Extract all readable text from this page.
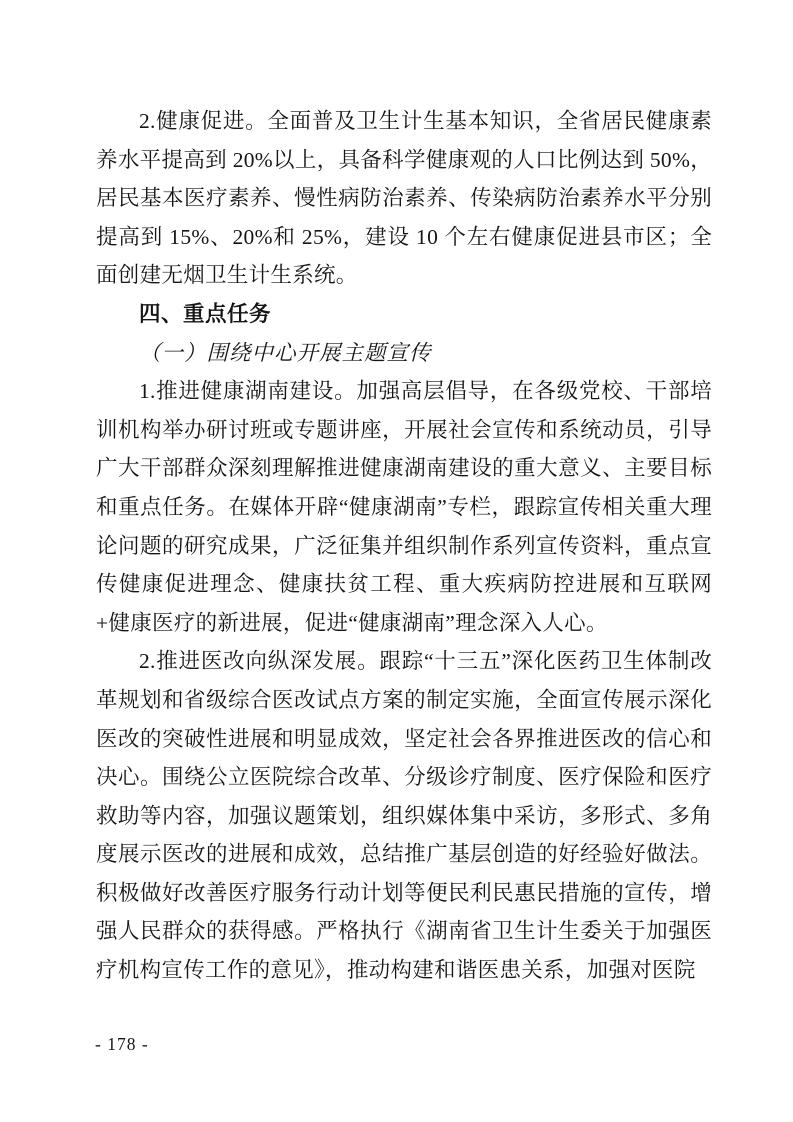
2.健康促进。全面普及卫生计生基本知识，全省居民健康素养水平提高到 20%以上，具备科学健康观的人口比例达到 50%，居民基本医疗素养、慢性病防治素养、传染病防治素养水平分别提高到 15%、20%和 25%，建设 10 个左右健康促进县市区；全面创建无烟卫生计生系统。

四、重点任务
（一）围绕中心开展主题宣传

1.推进健康湖南建设。加强高层倡导，在各级党校、干部培训机构举办研讨班或专题讲座，开展社会宣传和系统动员，引导广大干部群众深刻理解推进健康湖南建设的重大意义、主要目标和重点任务。在媒体开辟“健康湖南”专栏，跟踪宣传相关重大理论问题的研究成果，广泛征集并组织制作系列宣传资料，重点宣传健康促进理念、健康扶贫工程、重大疾病防控进展和互联网+健康医疗的新进展，促进“健康湖南”理念深入人心。

2.推进医改向纵深发展。跟踪“十三五”深化医药卫生体制改革规划和省级综合医改试点方案的制定实施，全面宣传展示深化医改的突破性进展和明显成效，坚定社会各界推进医改的信心和决心。围绕公立医院综合改革、分级诊疗制度、医疗保险和医疗救助等内容，加强议题策划，组织媒体集中采访，多形式、多角度展示医改的进展和成效，总结推广基层创造的好经验好做法。积极做好改善医疗服务行动计划等便民利民惠民措施的宣传，增强人民群众的获得感。严格执行《湖南省卫生计生委关于加强医疗机构宣传工作的意见》，推动构建和谐医患关系，加强对医院

- 178 -
